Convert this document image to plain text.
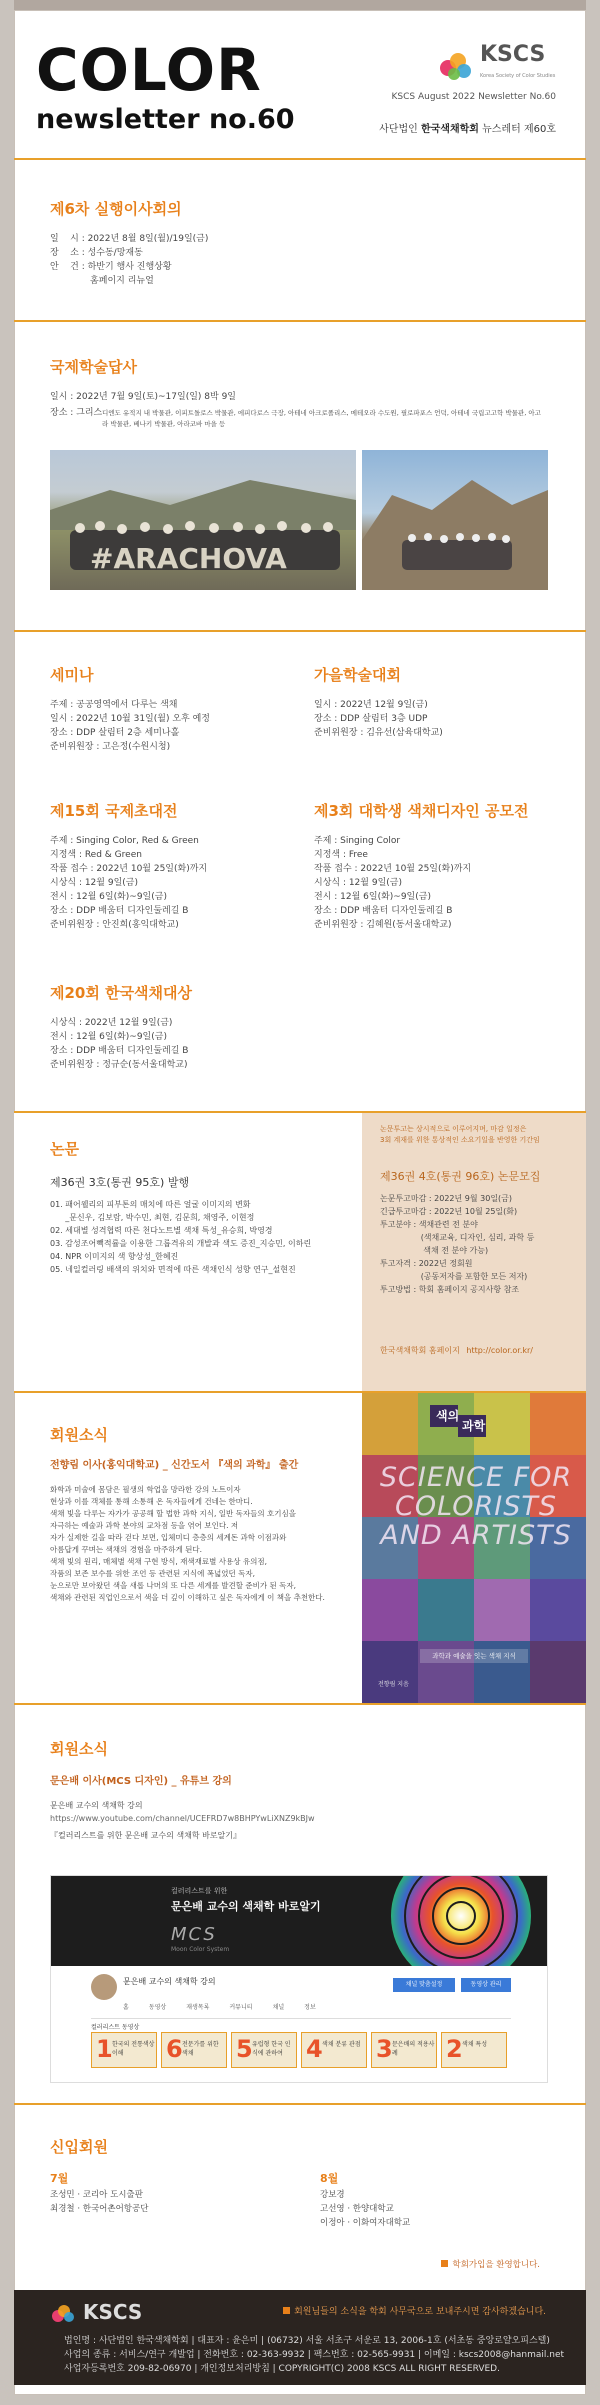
COLOR
newsletter no.60
KSCS
Korea Society of Color Studies
KSCS August 2022 Newsletter No.60
사단법인 한국색채학회 뉴스레터 제60호
제6차 실행이사회의
일    시 : 2022년 8월 8일(월)/19일(금)
장    소 : 성수동/망재동
안    건 : 하반기 행사 진행상황
홈페이지 리뉴얼
국제학술답사
일시 : 2022년 7월 9일(토)~17일(일) 8박 9일
장소 : 그리스 디엔도 유적지 내 박물관, 이피트돌로스 박물관, 에피다로스 극장, 아테네 아크로폴리스, 메테오라 수도원, 필로파포스 언덕, 아테네 국립고고학 박물관, 아고라 박물관, 베나키 박물관, 아라코바 마을 등
#ARACHOVA
세미나
주제 : 공공영역에서 다루는 색채
일시 : 2022년 10월 31일(월) 오후 예정
장소 : DDP 살림터 2층 세미나홀
준비위원장 : 고은정(수원시청)
가을학술대회
일시 : 2022년 12월 9일(금)
장소 : DDP 살림터 3층 UDP
준비위원장 : 김유선(삼육대학교)
제15회 국제초대전
주제 : Singing Color, Red & Green
지정색 : Red & Green
작품 접수 : 2022년 10월 25일(화)까지
시상식 : 12월 9일(금)
전시 : 12월 6일(화)~9일(금)
장소 : DDP 배움터 디자인둘레길 B
준비위원장 : 안진희(홍익대학교)
제3회 대학생 색채디자인 공모전
주제 : Singing Color
지정색 : Free
작품 접수 : 2022년 10월 25일(화)까지
시상식 : 12월 9일(금)
전시 : 12월 6일(화)~9일(금)
장소 : DDP 배움터 디자인둘레길 B
준비위원장 : 김혜원(동서울대학교)
제20회 한국색채대상
시상식 : 2022년 12월 9일(금)
전시 : 12월 6일(화)~9일(금)
장소 : DDP 배움터 디자인둘레길 B
준비위원장 : 정규순(동서울대학교)
논문
제36권 3호(통권 95호) 발행
01. 패어웰리의 피부톤의 매치에 따른 얼굴 이미지의 변화
_문신우, 김보람, 박수민, 최현, 김문희, 채영주, 이현정
02. 세대별 성격협력 따른 천다노트별 색채 특성_유승희, 박영경
03. 감성조어빽적률을 이용한 그룹격유의 개발과 색도 증진_지승민, 이하린
04. NPR 이미지의 색 향상성_한혜진
05. 네일컬러링 배색의 위치와 면적에 따른 색채인식 성향 연구_설현진
논문투고는 상시적으로 이루어지며, 마감 일정은
3회 계재를 위한 통상적인 소요기일을 반영한 기간임
제36권 4호(통권 96호) 논문모집
논문투고마감 : 2022년 9월 30일(금)
긴급투고마감 : 2022년 10월 25일(화)
투고분야 : 색채관련 전 분야
(색채교육, 디자인, 심리, 과학 등
색채 전 분야 가능)
투고자격 : 2022년 정회원
(공동저자를 포함한 모든 저자)
투고방법 : 학회 홈페이지 공지사항 참조
한국색채학회 홈페이지 http://color.or.kr/
회원소식
전향림 이사(홍익대학교) _ 신간도서 『색의 과학』 출간
화학과 미술에 몸담은 필생의 학업을 망라한 강의 노트이자
현상과 이를 객체를 통해 소통해 온 독자들에게 건네는 한마디.
색채 빛을 다루는 자가가 공공해 할 법한 과학 지식, 일반 독자들의 호기심을
자극하는 예술과 과학 분야의 교차점 등을 엮어 보인다. 저
자가 실제한 길을 따라 걷다 보면, 입체미디 층층의 세계돈 과학 이점과와
아름답게 꾸며는 색채의 경험을 마주하게 된다.
색채 빛의 원리, 매체별 색채 구현 방식, 재색재료별 사용상 유의점,
작품의 보존 보수를 위한 조언 등 관련된 지식에 폭넓었던 독자,
눈으로만 보아왔던 색을 새롭 나머의 또 다른 세계를 발견할 준비가 된 독자,
색채와 관련된 직업인으로서 색을 더 깊이 이해하고 싶은 독자에게 이 책을 추천한다.
색의
과학
SCIENCE FOR COLORISTS AND ARTISTS
과학과 예술을 잇는 색채 지식
전향림 지음
회원소식
문은배 이사(MCS 디자인) _ 유튜브 강의
문은배 교수의 색채학 강의
https://www.youtube.com/channel/UCEFRD7w8BHPYwLiXNZ9kBJw
『컬러리스트를 위한 문은배 교수의 색채학 바로알기』
컬러리스트를 위한
문은배 교수의 색채학 바로알기
MCS
Moon Color System
문은배 교수의 색채학 강의	채널 맞춤설정	동영상 관리
홈	동영상	재생목록	커뮤니티	채널	정보
컬러리스트 동영상
1 한국의 전통색상 이해	6 전문가를 위한 색채	5 유럽형 한국 인식에 관하여 4 색채 분류 관점 3 문은배의 적용사례	2 색채 특성
신입회원
7월
조성민 · 코리아 도시출판
최경철 · 한국어촌어항공단
8월
강보경
고선영 · 한양대학교
이정아 · 이화여자대학교
학회가입을 환영합니다.
KSCS	회원님들의 소식을 학회 사무국으로 보내주시면 감사하겠습니다.
법인명 : 사단법인 한국색채학회 | 대표자 : 윤은미 | (06732) 서울 서초구 서운로 13, 2006-1호 (서초동 중앙로얄오피스텔)
사업의 종류 : 서비스/연구 개발업 | 전화번호 : 02-363-9932 | 팩스번호 : 02-565-9931 | 이메일 : kscs2008@hanmail.net
사업자등록번호 209-82-06970 | 개인정보처리방침 | COPYRIGHT(C) 2008 KSCS ALL RIGHT RESERVED.
